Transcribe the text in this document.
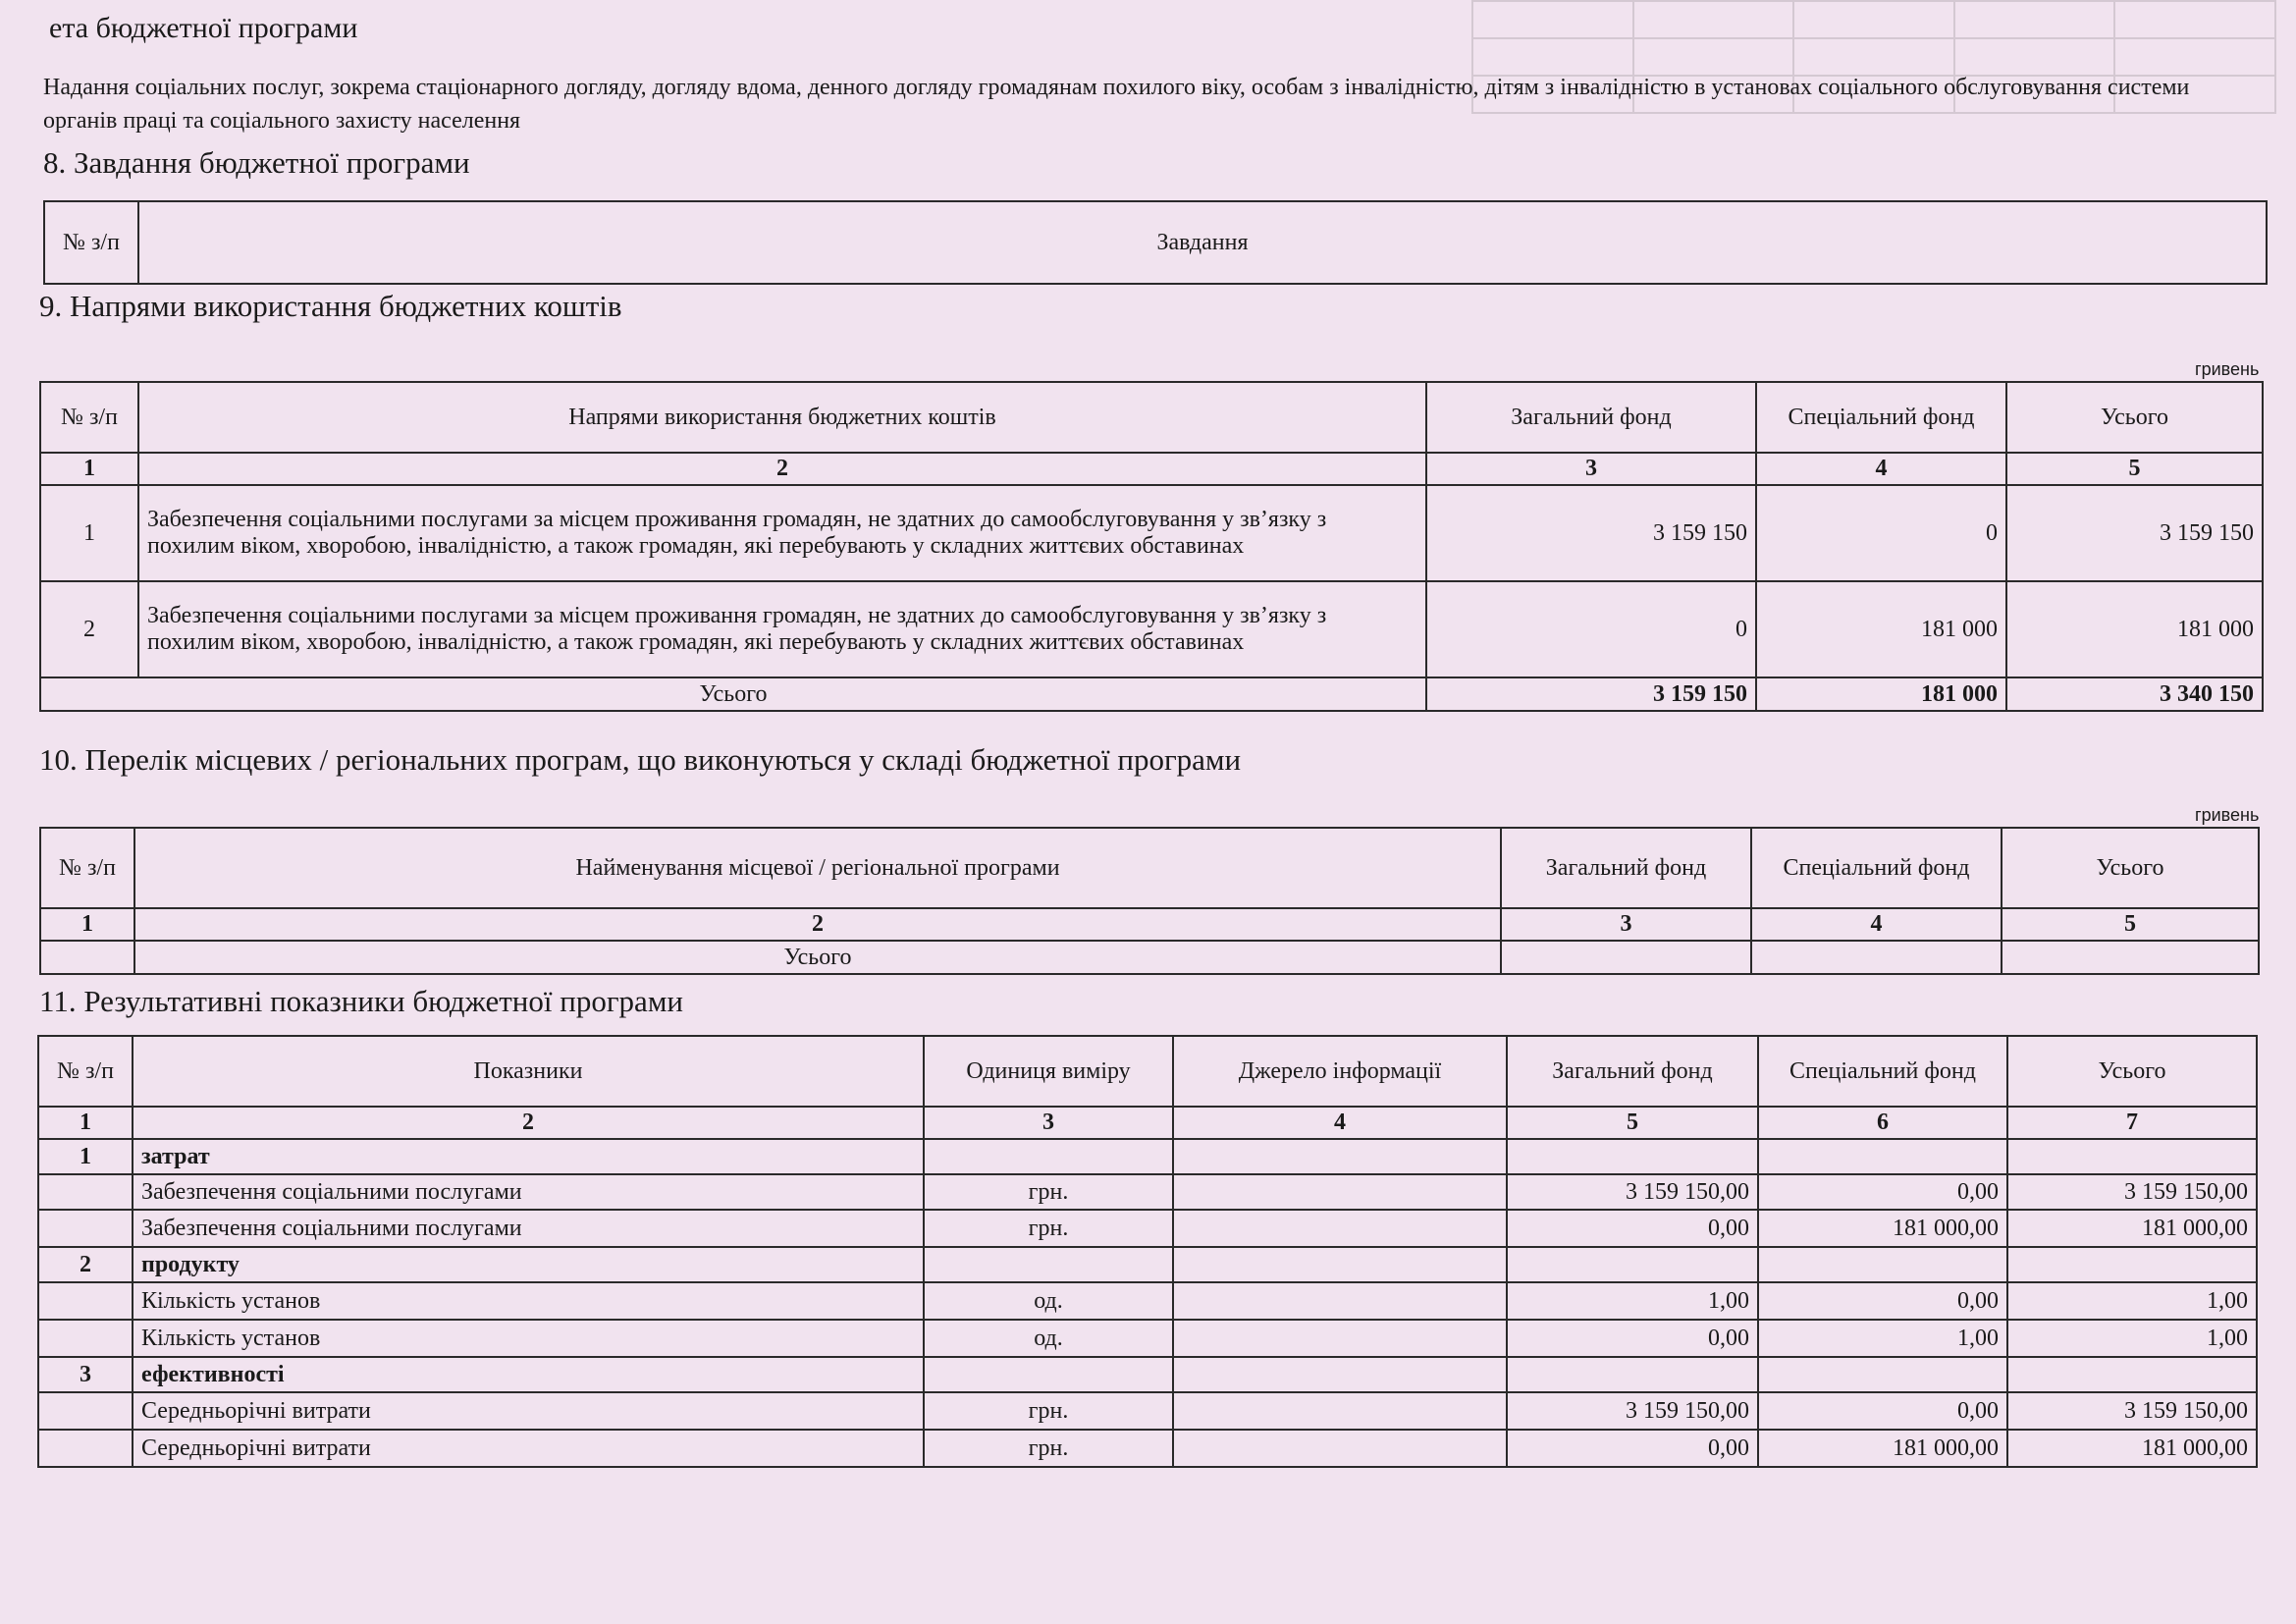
ета бюджетної програми
Надання соціальних послуг, зокрема стаціонарного догляду, догляду вдома, денного догляду громадянам похилого віку, особам з інвалідністю, дітям з інвалідністю в установах соціального обслуговування системи органів праці та соціального захисту населення
8. Завдання бюджетної програми
№ з/п	Завдання
9. Напрями використання бюджетних коштів
гривень
№ з/п	Напрями використання бюджетних коштів	Загальний фонд	Спеціальний фонд	Усього
1	2	3	4	5
1	Забезпечення соціальними послугами за місцем проживання громадян, не здатних до самообслуговування у зв’язку з похилим віком, хворобою, інвалідністю, а також громадян, які перебувають у складних життєвих обставинах	3 159 150	0	3 159 150
2	Забезпечення соціальними послугами за місцем проживання громадян, не здатних до самообслуговування у зв’язку з похилим віком, хворобою, інвалідністю, а також громадян, які перебувають у складних життєвих обставинах	0	181 000	181 000
Усього		3 159 150	181 000	3 340 150
10. Перелік місцевих / регіональних програм, що виконуються у складі бюджетної програми
гривень
№ з/п	Найменування місцевої / регіональної програми	Загальний фонд	Спеціальний фонд	Усього
1	2	3	4	5
	Усього			
11. Результативні показники бюджетної програми
№ з/п	Показники	Одиниця виміру	Джерело інформації	Загальний фонд	Спеціальний фонд	Усього
1	2	3	4	5	6	7
1	затрат					
	Забезпечення соціальними послугами	грн.		3 159 150,00	0,00	3 159 150,00
	Забезпечення соціальними послугами	грн.		0,00	181 000,00	181 000,00
2	продукту					
	Кількість установ	од.		1,00	0,00	1,00
	Кількість установ	од.		0,00	1,00	1,00
3	ефективності					
	Середньорічні витрати	грн.		3 159 150,00	0,00	3 159 150,00
	Середньорічні витрати	грн.		0,00	181 000,00	181 000,00
